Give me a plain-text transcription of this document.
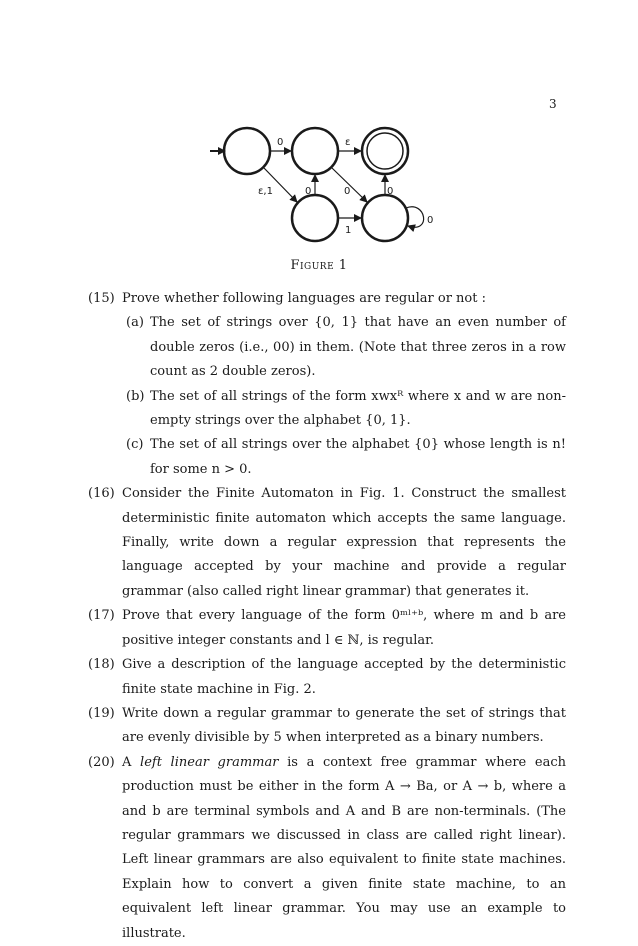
3
0	ε
ε,1	0	0	0
1
0
Figure 1
(15) Prove whether following languages are regular or not :
(a) The set of strings over {0, 1} that have an even number of double zeros (i.e., 00) in them. (Note that three zeros in a row count as 2 double zeros).
(b) The set of all strings of the form xwxᴿ where x and w are non-empty strings over the alphabet {0, 1}.
(c) The set of all strings over the alphabet {0} whose length is n! for some n > 0.
(16) Consider the Finite Automaton in Fig. 1. Construct the smallest deterministic finite automaton which accepts the same language. Finally, write down a regular expression that represents the language accepted by your machine and provide a regular grammar (also called right linear grammar) that generates it.
(17) Prove that every language of the form 0ᵐˡ⁺ᵇ, where m and b are positive integer constants and l ∈ ℕ, is regular.
(18) Give a description of the language accepted by the deterministic finite state machine in Fig. 2.
(19) Write down a regular grammar to generate the set of strings that are evenly divisible by 5 when interpreted as a binary numbers.
(20) A left linear grammar is a context free grammar where each production must be either in the form A → Ba, or A → b, where a and b are terminal symbols and A and B are non-terminals. (The regular grammars we discussed in class are called right linear). Left linear grammars are also equivalent to finite state machines. Explain how to convert a given finite state machine, to an equivalent left linear grammar. You may use an example to illustrate.
